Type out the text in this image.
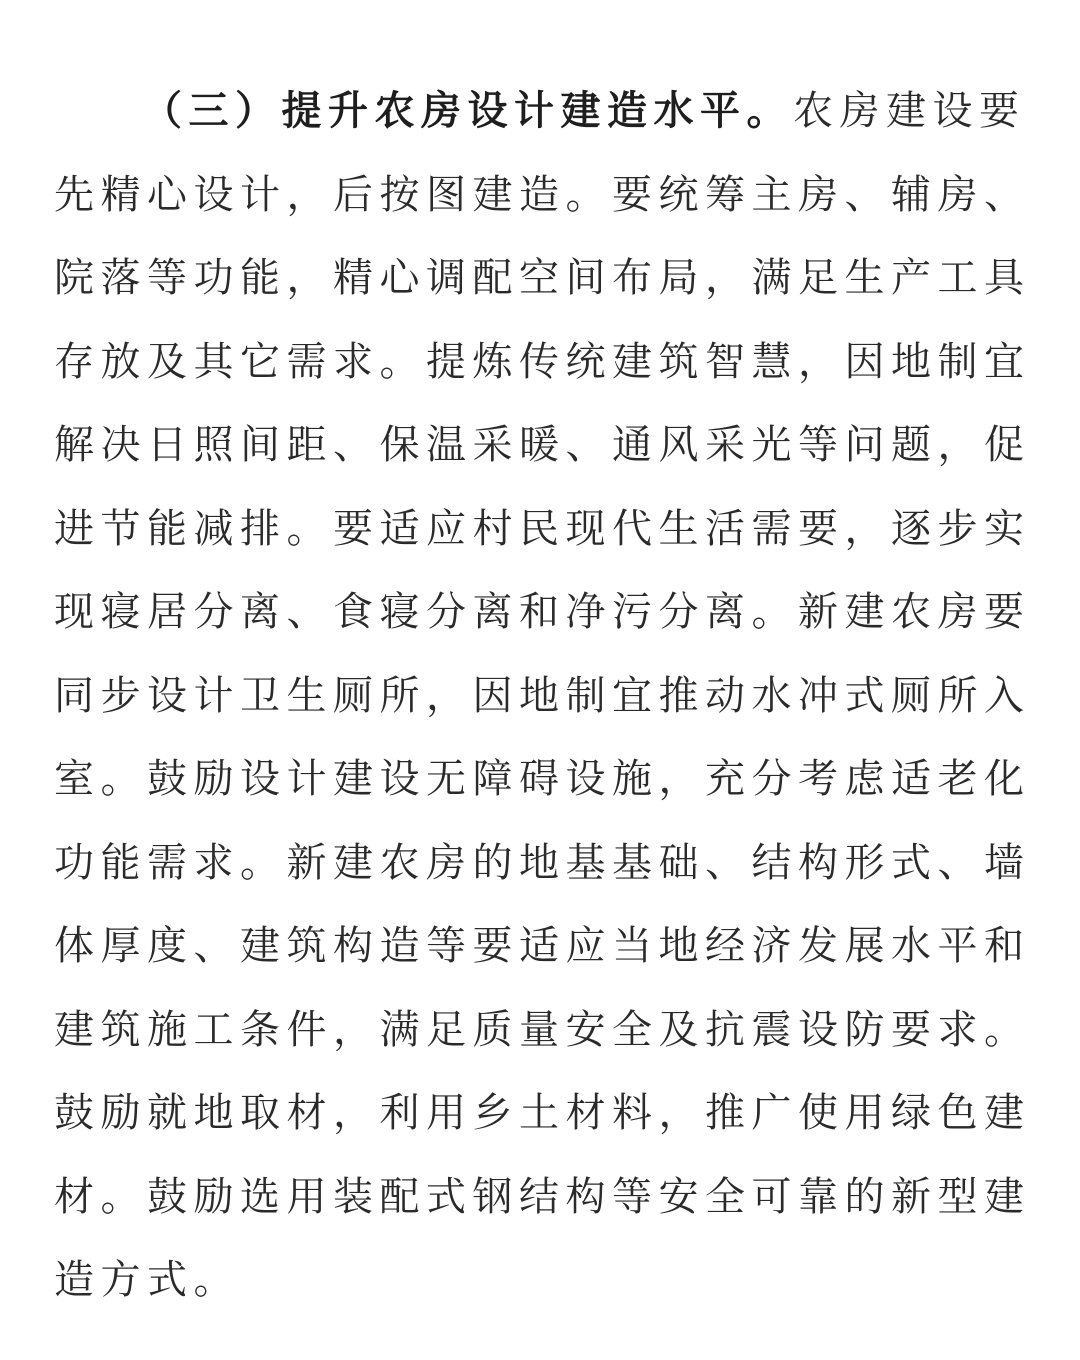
（三）提升农房设计建造水平。农房建设要
先精心设计，后按图建造。要统筹主房、辅房、
院落等功能，精心调配空间布局，满足生产工具
存放及其它需求。提炼传统建筑智慧，因地制宜
解决日照间距、保温采暖、通风采光等问题，促
进节能减排。要适应村民现代生活需要，逐步实
现寝居分离、食寝分离和净污分离。新建农房要
同步设计卫生厕所，因地制宜推动水冲式厕所入
室。鼓励设计建设无障碍设施，充分考虑适老化
功能需求。新建农房的地基基础、结构形式、墙
体厚度、建筑构造等要适应当地经济发展水平和
建筑施工条件，满足质量安全及抗震设防要求。
鼓励就地取材，利用乡土材料，推广使用绿色建
材。鼓励选用装配式钢结构等安全可靠的新型建
造方式。
